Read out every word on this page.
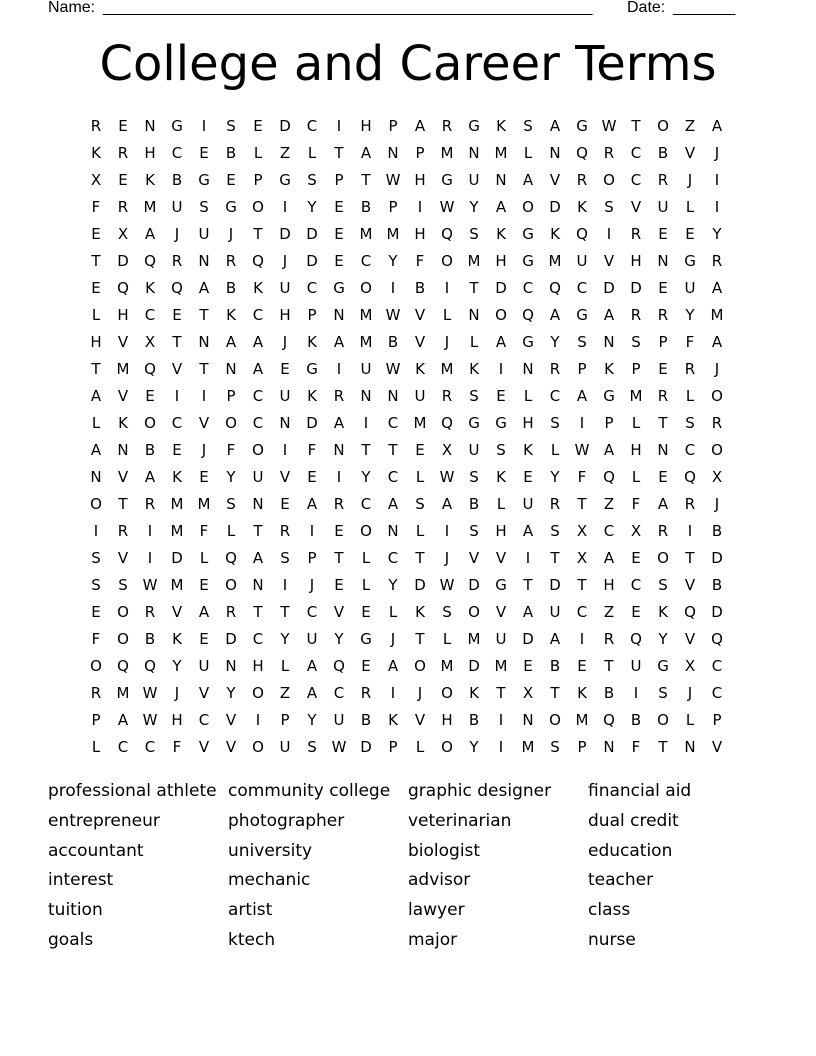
Name: _______________________________________________________ Date: _______
College and Career Terms
R	E	N	G	I	S	E	D	C	I	H	P	A	R	G	K	S	A	G W T	O	Z	A
K	R	H	C	E	B	L	Z	L	T	A	N	P	M N M	L	N	Q	R	C	B	V	J
X	E	K	B	G	E	P	G	S	P	T	W H	G	U	N	A	V	R	O	C	R	J	I
F	R	M	U	S	G	O	I	Y	E	B	P	I	W Y	A	O	D	K	S	V	U	L	I
E	X	A	J	U	J	T	D	D	E	M M H	Q	S	K	G	K	Q	I	R	E	E	Y
T	D	Q	R	N	R	Q	J	D	E	C	Y	F	O M H	G M	U	V	H	N	G	R
E	Q	K	Q	A	B	K	U	C	G	O	I	B	I	T	D	C	Q	C	D	D	E	U	A
L	H	C	E	T	K	C	H	P	N M W V	L	N	O	Q	A	G	A	R	R	Y	M
H	V	X	T	N	A	A	J	K	A	M	B	V	J	L	A	G	Y	S	N	S	P	F	A
T	M Q	V	T	N	A	E	G	I	U W K	M	K	I	N	R	P	K	P	E	R	J
A	V	E	I	I	P	C	U	K	R	N	N	U	R	S	E	L	C	A	G M	R	L	O
L	K	O	C	V	O	C	N	D	A	I	C	M Q	G	G	H	S	I	P	L	T	S	R
A	N	B	E	J	F	O	I	F	N	T	T	E	X	U	S	K	L	W A	H	N	C	O
N	V	A	K	E	Y	U	V	E	I	Y	C	L	W S	K	E	Y	F	Q	L	E	Q	X
O	T	R	M M	S	N	E	A	R	C	A	S	A	B	L	U	R	T	Z	F	A	R	J
I	R	I	M	F	L	T	R	I	E	O	N	L	I	S	H	A	S	X	C	X	R	I	B
S	V	I	D	L	Q	A	S	P	T	L	C	T	J	V	V	I	T	X	A	E	O	T	D
S	S W M	E	O	N	I	J	E	L	Y	D W D	G	T	D	T	H	C	S	V	B
E	O	R	V	A	R	T	T	C	V	E	L	K	S	O	V	A	U	C	Z	E	K	Q	D
F	O	B	K	E	D	C	Y	U	Y	G	J	T	L	M	U	D	A	I	R	Q	Y	V	Q
O	Q	Q	Y	U	N	H	L	A	Q	E	A	O M D M	E	B	E	T	U	G	X	C
R	M W	J	V	Y	O	Z	A	C	R	I	J	O	K	T	X	T	K	B	I	S	J	C
P	A W H	C	V	I	P	Y	U	B	K	V	H	B	I	N	O M Q	B	O	L	P
L	C	C	F	V	V	O	U	S W D	P	L	O	Y	I	M	S	P	N	F	T	N	V
professional athlete
entrepreneur
accountant
interest
tuition
goals
community college
photographer
university
mechanic
artist
ktech
graphic designer
veterinarian
biologist
advisor
lawyer
major
financial aid
dual credit
education
teacher
class
nurse
